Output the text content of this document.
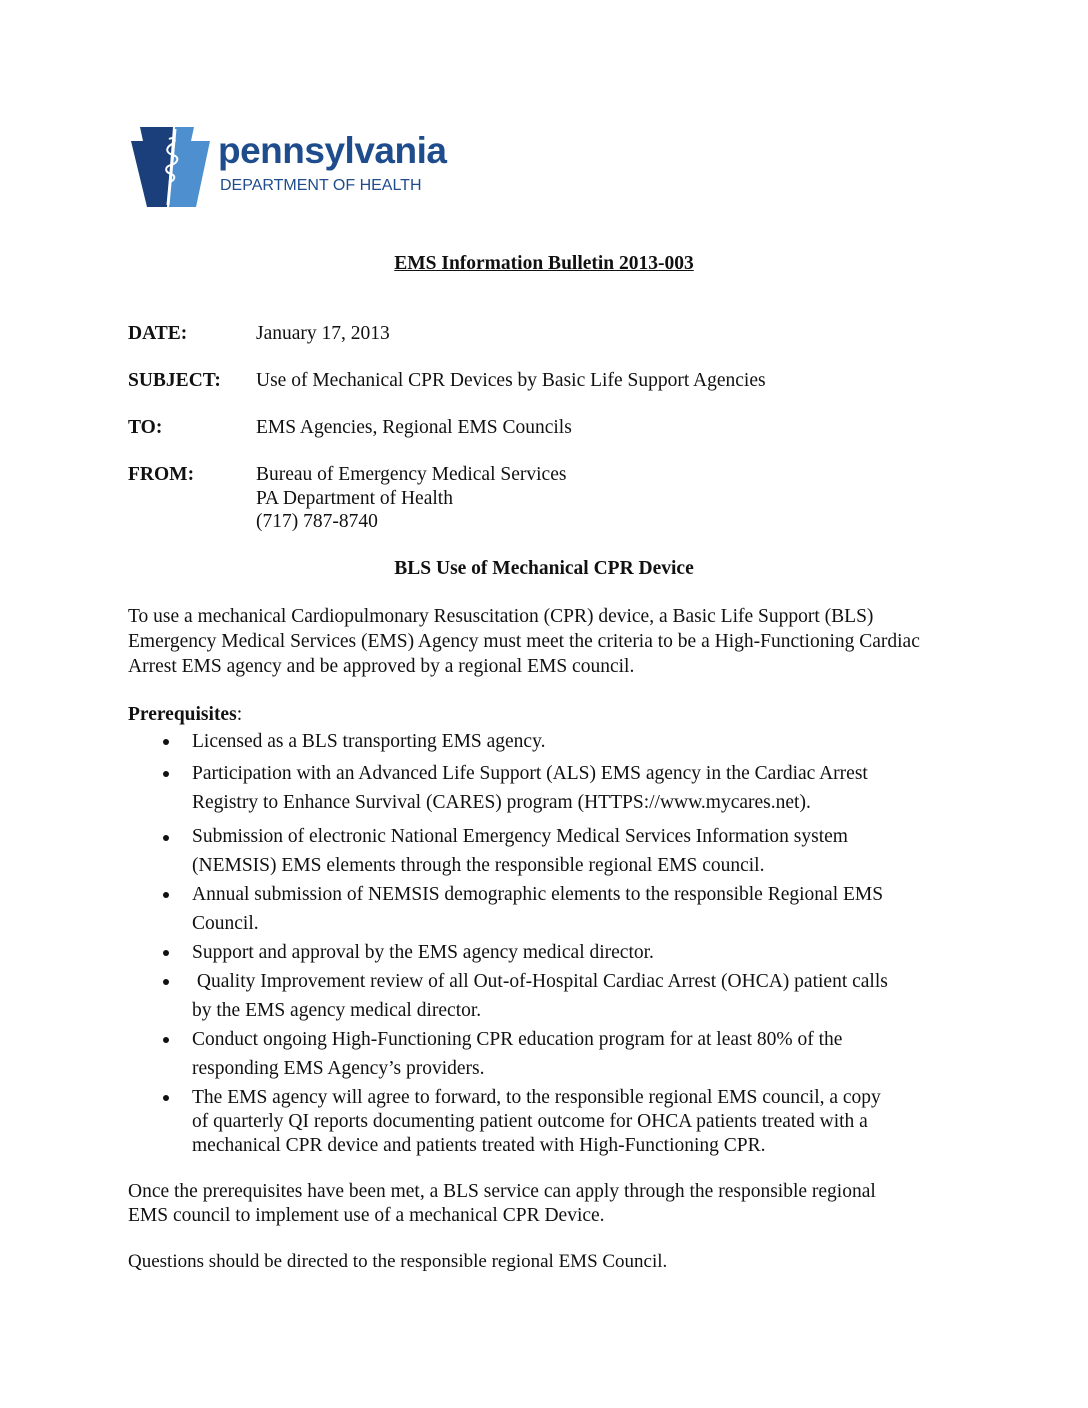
pennsylvania
DEPARTMENT OF HEALTH
EMS Information Bulletin 2013-003
DATE:	January 17, 2013
SUBJECT: Use of Mechanical CPR Devices by Basic Life Support Agencies
TO:	EMS Agencies, Regional EMS Councils
FROM:	Bureau of Emergency Medical Services
PA Department of Health
(717) 787-8740
BLS Use of Mechanical CPR Device
To use a mechanical Cardiopulmonary Resuscitation (CPR) device, a Basic Life Support (BLS)
Emergency Medical Services (EMS) Agency must meet the criteria to be a High-Functioning Cardiac
Arrest EMS agency and be approved by a regional EMS council.
Prerequisites:
Licensed as a BLS transporting EMS agency.
Participation with an Advanced Life Support (ALS) EMS agency in the Cardiac Arrest
Registry to Enhance Survival (CARES) program (HTTPS://www.mycares.net).
Submission of electronic National Emergency Medical Services Information system
(NEMSIS) EMS elements through the responsible regional EMS council.
Annual submission of NEMSIS demographic elements to the responsible Regional EMS
Council.
Support and approval by the EMS agency medical director.
Quality Improvement review of all Out-of-Hospital Cardiac Arrest (OHCA) patient calls
by the EMS agency medical director.
Conduct ongoing High-Functioning CPR education program for at least 80% of the
responding EMS Agency’s providers.
The EMS agency will agree to forward, to the responsible regional EMS council, a copy
of quarterly QI reports documenting patient outcome for OHCA patients treated with a
mechanical CPR device and patients treated with High-Functioning CPR.
Once the prerequisites have been met, a BLS service can apply through the responsible regional
EMS council to implement use of a mechanical CPR Device.
Questions should be directed to the responsible regional EMS Council.
